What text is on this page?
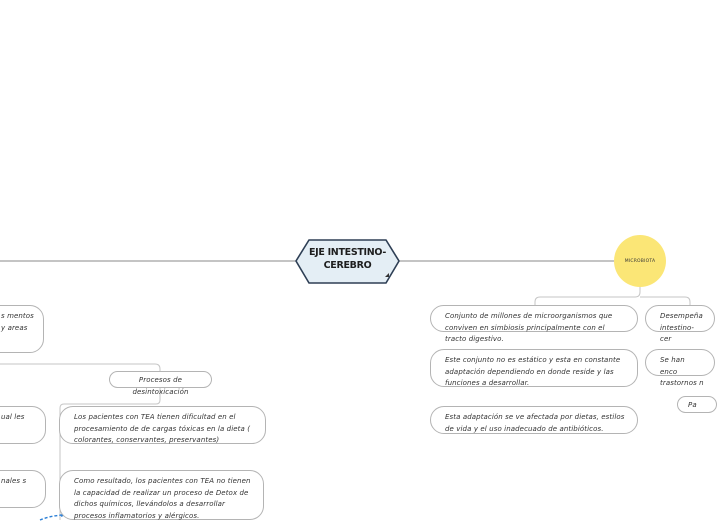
EJE INTESTINO-CEREBRO	MICROBIOTA
Conjunto de millones de microorganismos que conviven en simbiosis principalmente con el tracto digestivo.
Este conjunto no es estático y esta en constante adaptación dependiendo en donde reside y las funciones a desarrollar.
Esta adaptación se ve afectada por dietas, estilos de vida y el uso inadecuado de antibióticos.
Desempeña intestino-cer
Se han enco trastornos n
Pa
s mentos y areas
Procesos de desintoxicación
ual les	Los pacientes con TEA tienen dificultad en el procesamiento de de cargas tóxicas en la dieta ( colorantes, conservantes, preservantes)
nales s	Como resultado, los pacientes con TEA no tienen la capacidad de realizar un proceso de Detox de dichos químicos, llevándolos a desarrollar procesos inflamatorios y alérgicos.
